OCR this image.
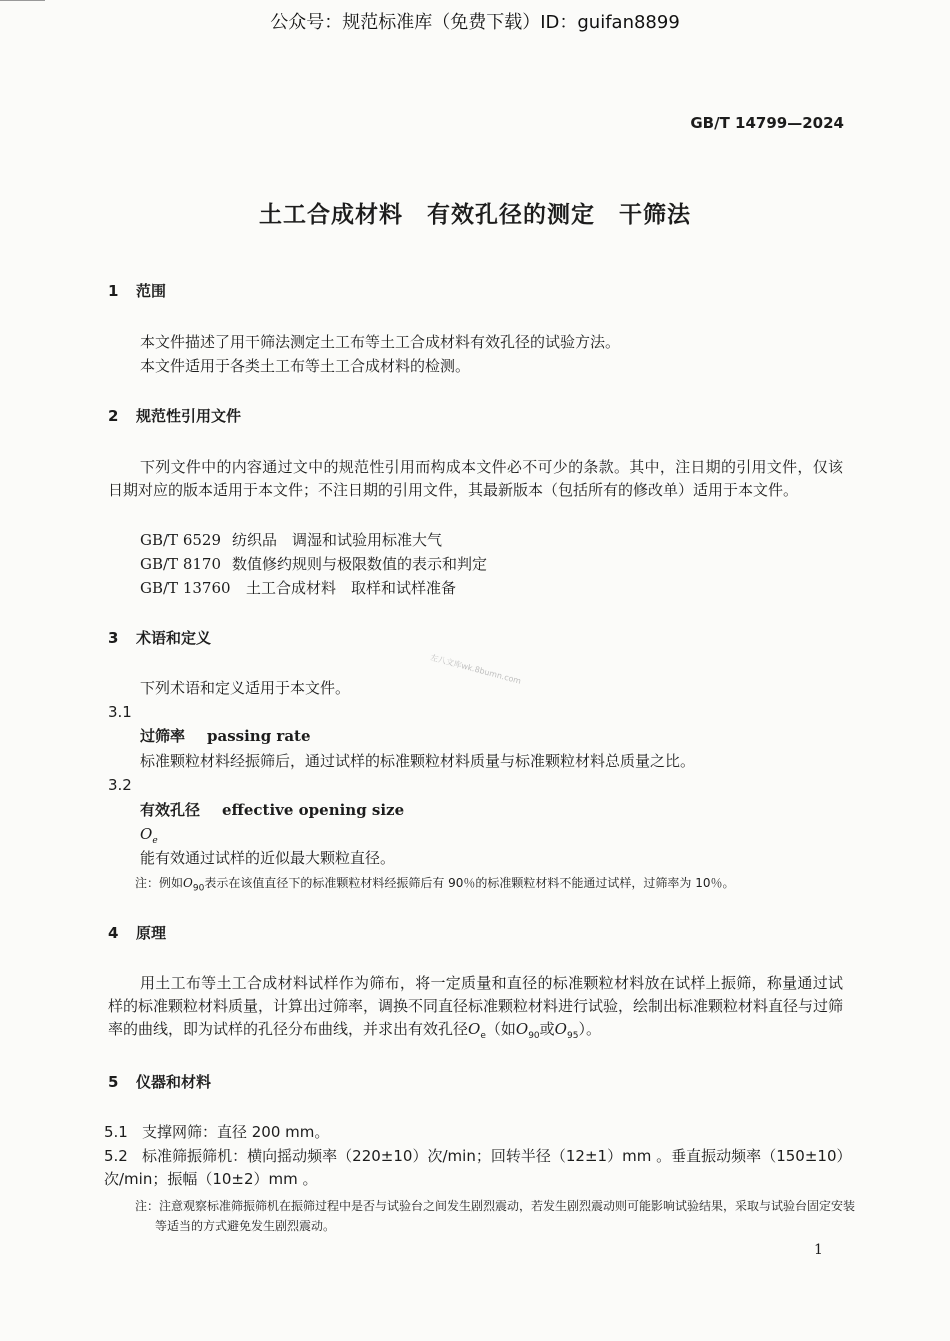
公众号：规范标准库（免费下载）ID：guifan8899
GB/T 14799—2024
土工合成材料　有效孔径的测定　干筛法
1 范围
本文件描述了用干筛法测定土工布等土工合成材料有效孔径的试验方法。
本文件适用于各类土工布等土工合成材料的检测。
2 规范性引用文件
下列文件中的内容通过文中的规范性引用而构成本文件必不可少的条款。其中，注日期的引用文件，仅该日期对应的版本适用于本文件；不注日期的引用文件，其最新版本（包括所有的修改单）适用于本文件。
GB/T 6529 纺织品　调湿和试验用标准大气
GB/T 8170 数值修约规则与极限数值的表示和判定
GB/T 13760 土工合成材料　取样和试样准备
3 术语和定义
左八文库wk.8bumn.com
下列术语和定义适用于本文件。
3.1
过筛率 passing rate
标准颗粒材料经振筛后，通过试样的标准颗粒材料质量与标准颗粒材料总质量之比。
3.2
有效孔径 effective opening size
$O_e$
能有效通过试样的近似最大颗粒直径。
注：例如$O_{90}$表示在该值直径下的标准颗粒材料经振筛后有 90％的标准颗粒材料不能通过试样，过筛率为 10％。
4 原理
用土工布等土工合成材料试样作为筛布，将一定质量和直径的标准颗粒材料放在试样上振筛，称量通过试样的标准颗粒材料质量，计算出过筛率，调换不同直径标准颗粒材料进行试验，绘制出标准颗粒材料直径与过筛率的曲线，即为试样的孔径分布曲线，并求出有效孔径$O_e$（如$O_{90}$或$O_{95}$）。
5 仪器和材料
5.1 支撑网筛：直径 200 mm。
5.2 标准筛振筛机：横向摇动频率（220±10）次/min；回转半径（12±1）mm 。垂直振动频率（150±10）次/min；振幅（10±2）mm 。
注：注意观察标准筛振筛机在振筛过程中是否与试验台之间发生剧烈震动，若发生剧烈震动则可能影响试验结果，采取与试验台固定安装等适当的方式避免发生剧烈震动。
1
